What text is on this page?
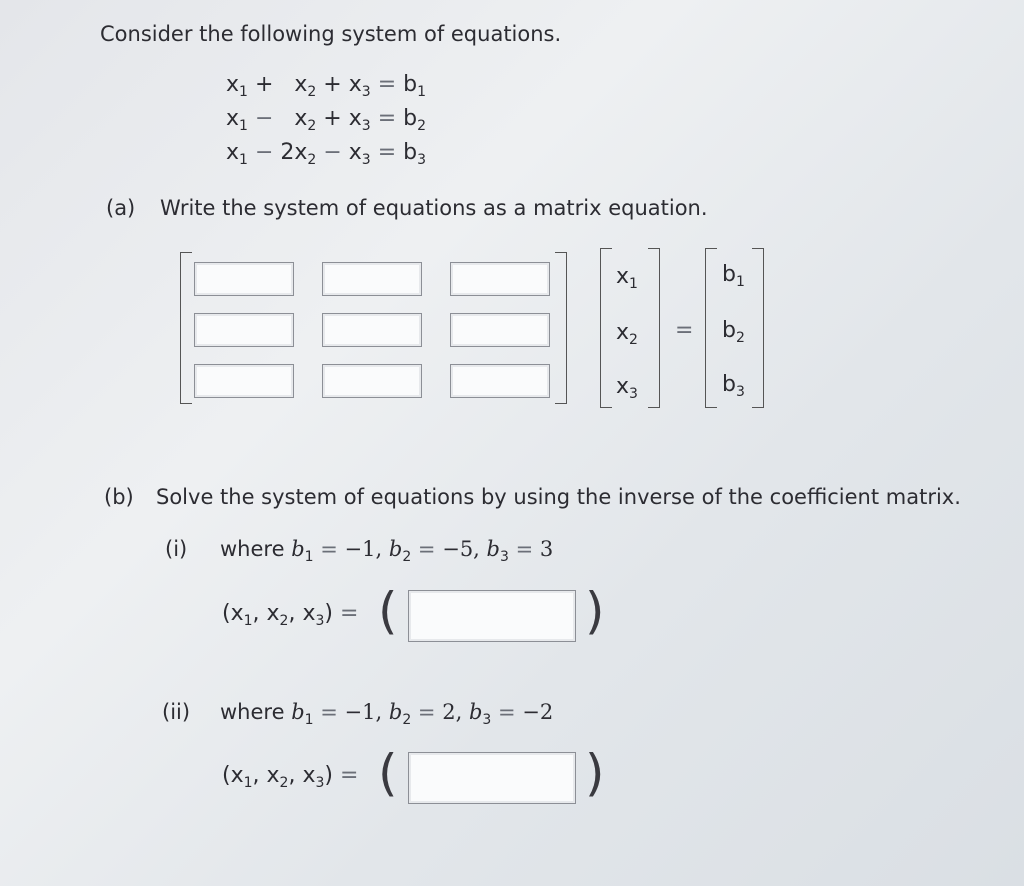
Consider the following system of equations.
$x_1 + x_2 + x_3 = b_1$
$x_1 - x_2 + x_3 = b_2$
$x_1 - 2x_2 - x_3 = b_3$
(a) Write the system of equations as a matrix equation.
$x_1$
$x_2$
$x_3$
=
$b_1$
$b_2$
$b_3$
(b) Solve the system of equations by using the inverse of the coefficient matrix.
(i) where $b_1 = -1$, $b_2 = -5$, $b_3 = 3$
($x_1$, $x_2$, $x_3$) = (	)
(ii) where $b_1 = -1$, $b_2 = 2$, $b_3 = -2$
($x_1$, $x_2$, $x_3$) = (	)
